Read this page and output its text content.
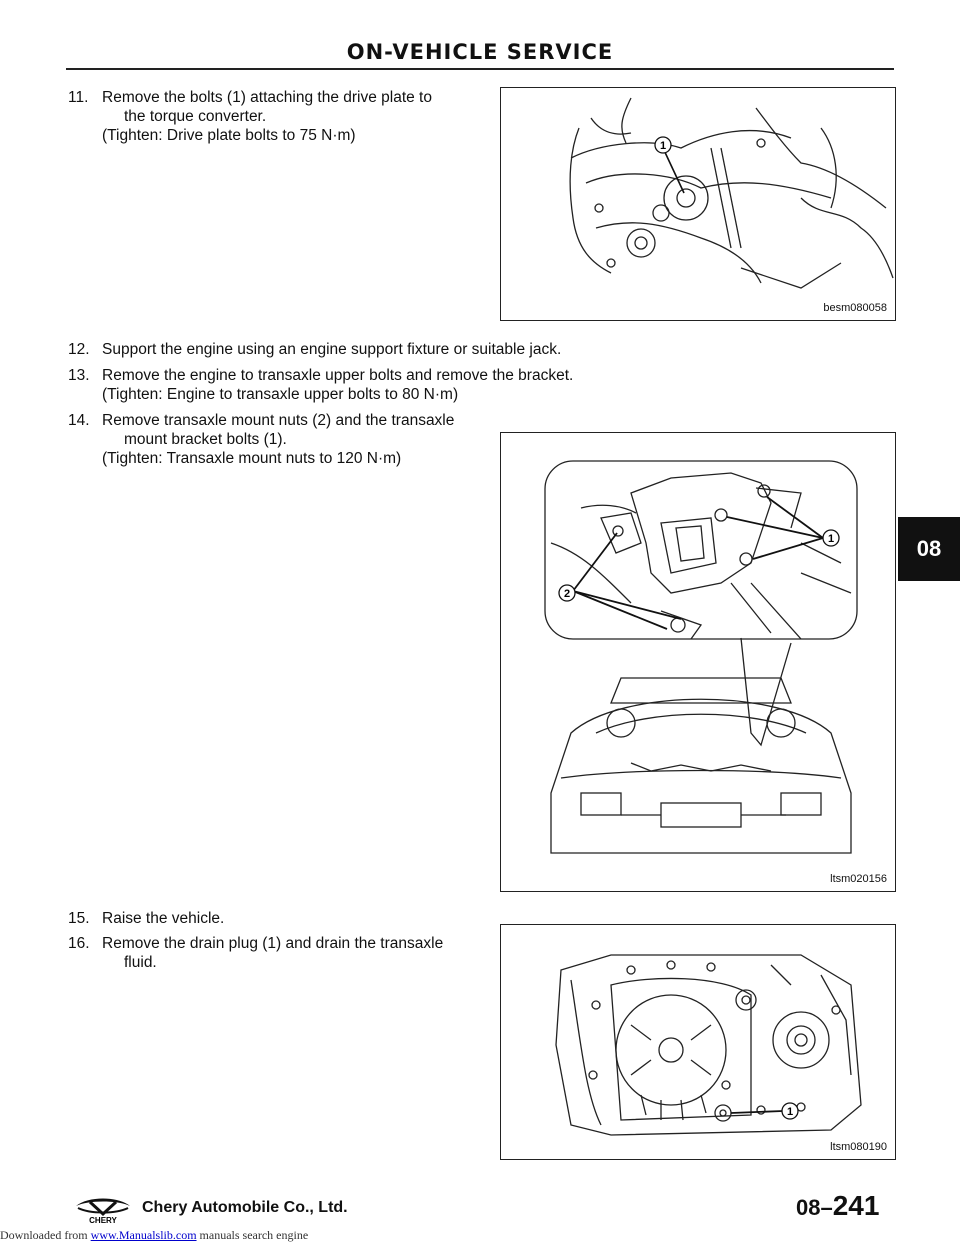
ON-VEHICLE SERVICE
11. Remove the bolts (1) attaching the drive plate to
the torque converter.
(Tighten: Drive plate bolts to 75 N·m)
1
besm080058
12. Support the engine using an engine support fixture or suitable jack.
13. Remove the engine to transaxle upper bolts and remove the bracket.
(Tighten: Engine to transaxle upper bolts to 80 N·m)
14. Remove transaxle mount nuts (2) and the transaxle
mount bracket bolts (1).
(Tighten: Transaxle mount nuts to 120 N·m)
1
2
ltsm020156
15. Raise the vehicle.
16. Remove the drain plug (1) and drain the transaxle
fluid.
1
ltsm080190
08
CHERY
Chery Automobile Co., Ltd.	08–241
Downloaded from www.Manualslib.com manuals search engine
